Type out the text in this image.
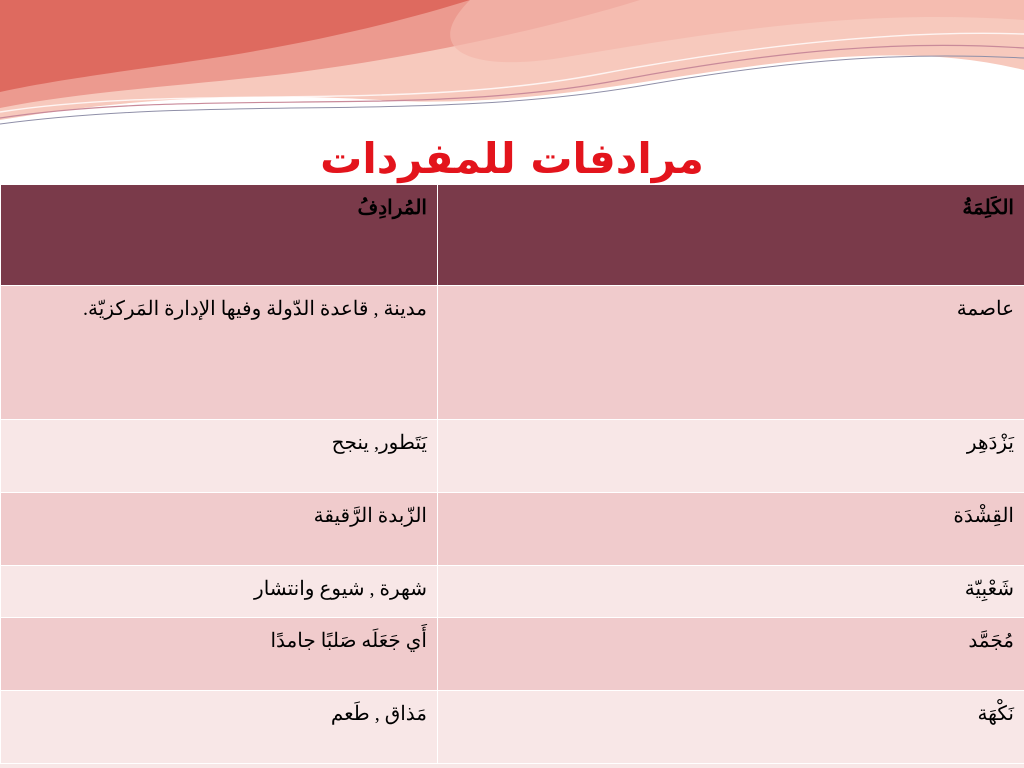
مرادفات للمفردات
الكَلِمَةُ	المُرادِفُ
عاصمة	مدينة , قاعدة الدّولة وفيها الإدارة المَركزيّة.
يَزْدَهِر	يَتَطور, ينجح
القِشْدَة	الزّبدة الرَّقيقة
شَعْبِيّة	شهرة , شيوع وانتشار
مُجَمَّد	أَي جَعَلَه صَلبًا جامدًا
نَكْهَة	مَذاق , طَعم
